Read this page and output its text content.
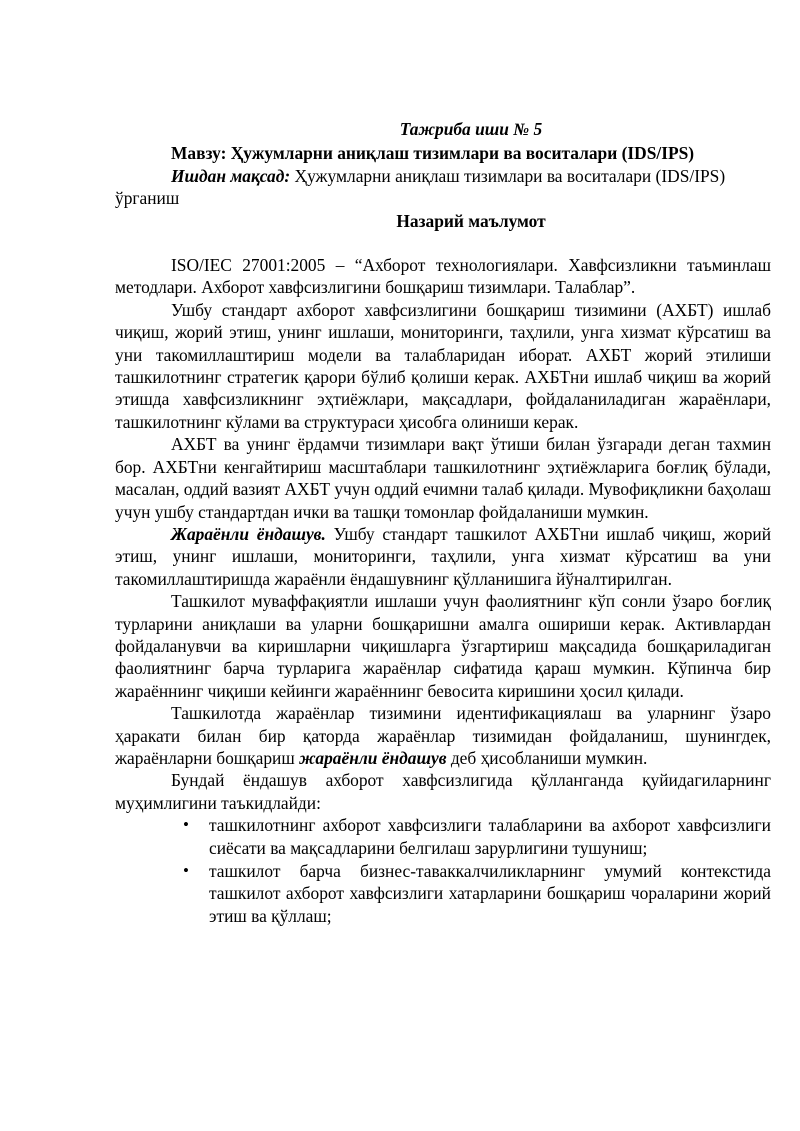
Тажриба иши № 5

Мавзу: Ҳужумларни аниқлаш тизимлари ва воситалари (IDS/IPS)

Ишдан мақсад: Ҳужумларни аниқлаш тизимлари ва воситалари (IDS/IPS) ўрганиш

Назарий маълумот

ISO/IEC 27001:2005 – “Ахборот технологиялари. Хавфсизликни таъминлаш методлари. Ахборот хавфсизлигини бошқариш тизимлари. Талаблар”.

Ушбу стандарт ахборот хавфсизлигини бошқариш тизимини (АХБТ) ишлаб чиқиш, жорий этиш, унинг ишлаши, мониторинги, таҳлили, унга хизмат кўрсатиш ва уни такомиллаштириш модели ва талабларидан иборат. АХБТ жорий этилиши ташкилотнинг стратегик қарори бўлиб қолиши керак. АХБТни ишлаб чиқиш ва жорий этишда хавфсизликнинг эҳтиёжлари, мақсадлари, фойдаланиладиган жараёнлари, ташкилотнинг кўлами ва структураси ҳисобга олиниши керак.

АХБТ ва унинг ёрдамчи тизимлари вақт ўтиши билан ўзгаради деган тахмин бор. АХБТни кенгайтириш масштаблари ташкилотнинг эҳтиёжларига боғлиқ бўлади, масалан, оддий вазият АХБТ учун оддий ечимни талаб қилади. Мувофиқликни баҳолаш учун ушбу стандартдан ички ва ташқи томонлар фойдаланиши мумкин.

Жараёнли ёндашув. Ушбу стандарт ташкилот АХБТни ишлаб чиқиш, жорий этиш, унинг ишлаши, мониторинги, таҳлили, унга хизмат кўрсатиш ва уни такомиллаштиришда жараёнли ёндашувнинг қўлланишига йўналтирилган.

Ташкилот муваффақиятли ишлаши учун фаолиятнинг кўп сонли ўзаро боғлиқ турларини аниқлаши ва уларни бошқаришни амалга ошириши керак. Активлардан фойдаланувчи ва киришларни чиқишларга ўзгартириш мақсадида бошқариладиган фаолиятнинг барча турларига жараёнлар сифатида қараш мумкин. Кўпинча бир жараённинг чиқиши кейинги жараённинг бевосита киришини ҳосил қилади.

Ташкилотда жараёнлар тизимини идентификациялаш ва уларнинг ўзаро ҳаракати билан бир қаторда жараёнлар тизимидан фойдаланиш, шунингдек, жараёнларни бошқариш жараёнли ёндашув деб ҳисобланиши мумкин.

Бундай ёндашув ахборот хавфсизлигида қўлланганда қуйидагиларнинг муҳимлигини таъкидлайди:

• ташкилотнинг ахборот хавфсизлиги талабларини ва ахборот хавфсизлиги сиёсати ва мақсадларини белгилаш зарурлигини тушуниш;
• ташкилот барча бизнес-таваккалчиликларнинг умумий контекстида ташкилот ахборот хавфсизлиги хатарларини бошқариш чораларини жорий этиш ва қўллаш;
